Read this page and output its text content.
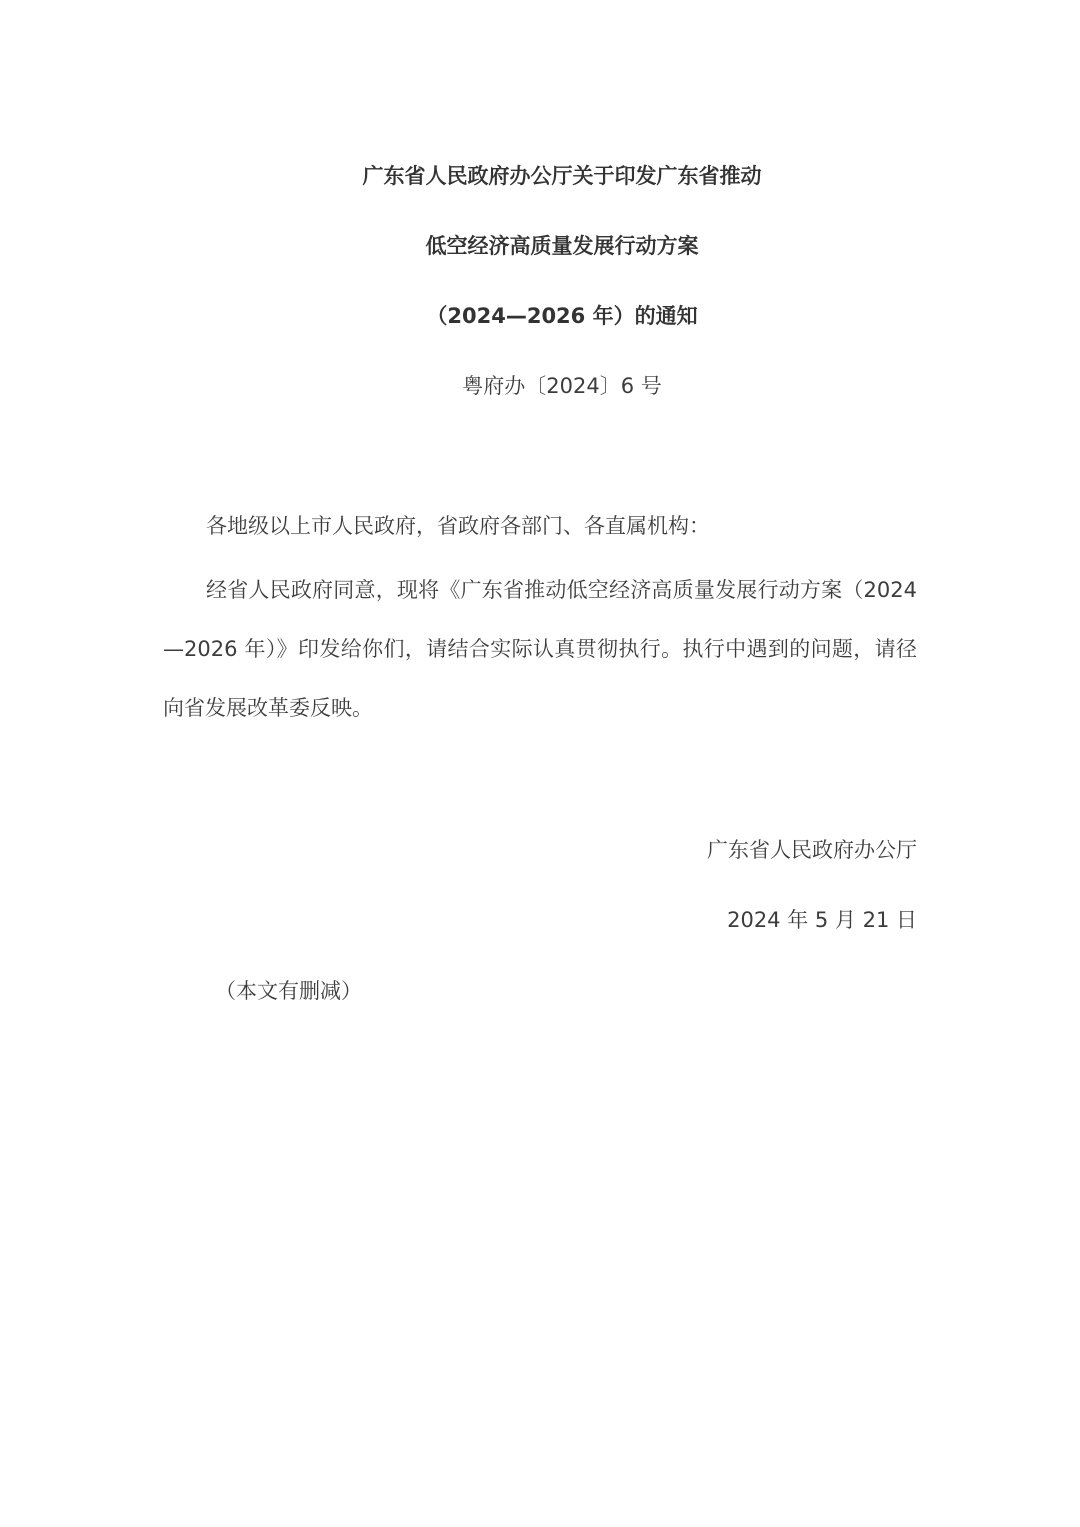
广东省人民政府办公厅关于印发广东省推动
低空经济高质量发展行动方案
（2024—2026 年）的通知
粤府办〔2024〕6 号
各地级以上市人民政府，省政府各部门、各直属机构：
经省人民政府同意，现将《广东省推动低空经济高质量发展行动方案（2024—2026 年）》印发给你们，请结合实际认真贯彻执行。执行中遇到的问题，请径向省发展改革委反映。
广东省人民政府办公厅
2024 年 5 月 21 日
（本文有删减）
